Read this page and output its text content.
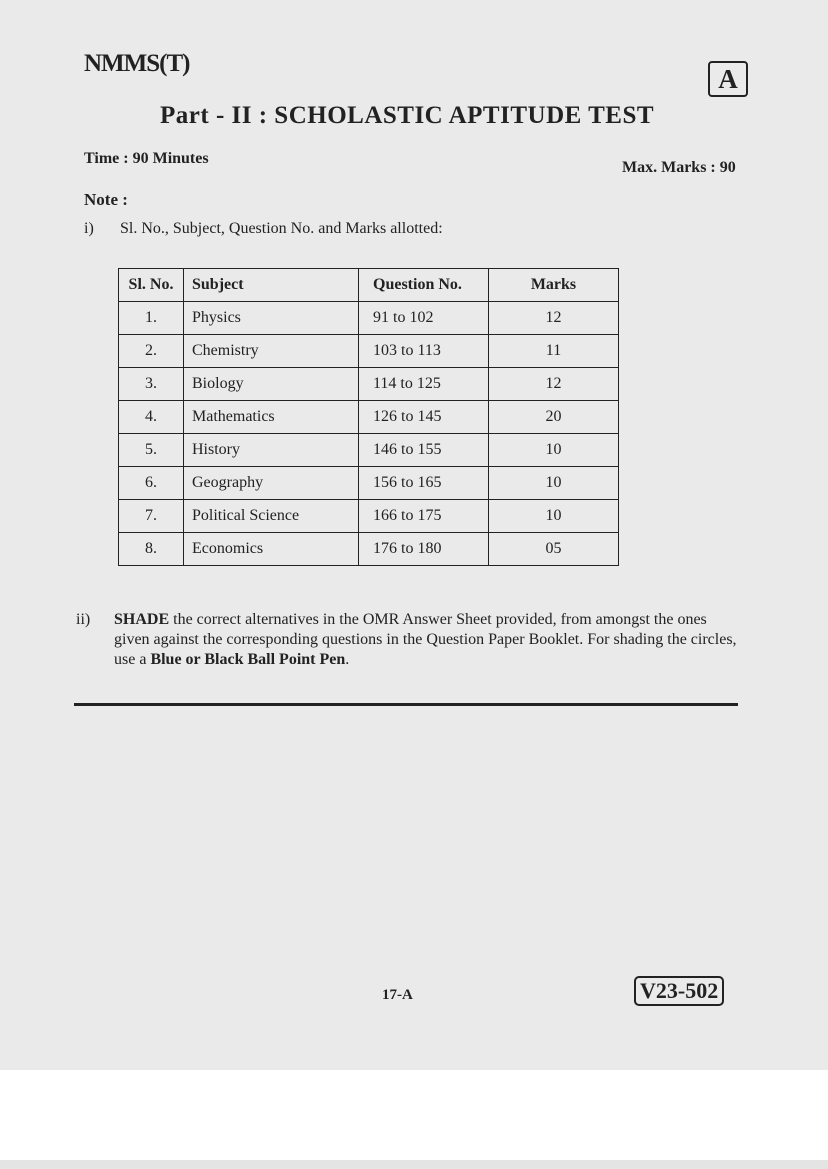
NMMS(T)
A
Part - II : SCHOLASTIC APTITUDE TEST
Time : 90 Minutes
Max. Marks : 90
Note :
i) Sl. No., Subject, Question No. and Marks allotted:
Sl. No.	Subject	Question No.	Marks
1.	Physics	91 to 102	12
2.	Chemistry	103 to 113	11
3.	Biology	114 to 125	12
4.	Mathematics	126 to 145	20
5.	History	146 to 155	10
6.	Geography	156 to 165	10
7.	Political Science	166 to 175	10
8.	Economics	176 to 180	05
ii)	SHADE the correct alternatives in the OMR Answer Sheet provided, from amongst the ones given against the corresponding questions in the Question Paper Booklet. For shading the circles, use a Blue or Black Ball Point Pen.
17-A	V23-502
